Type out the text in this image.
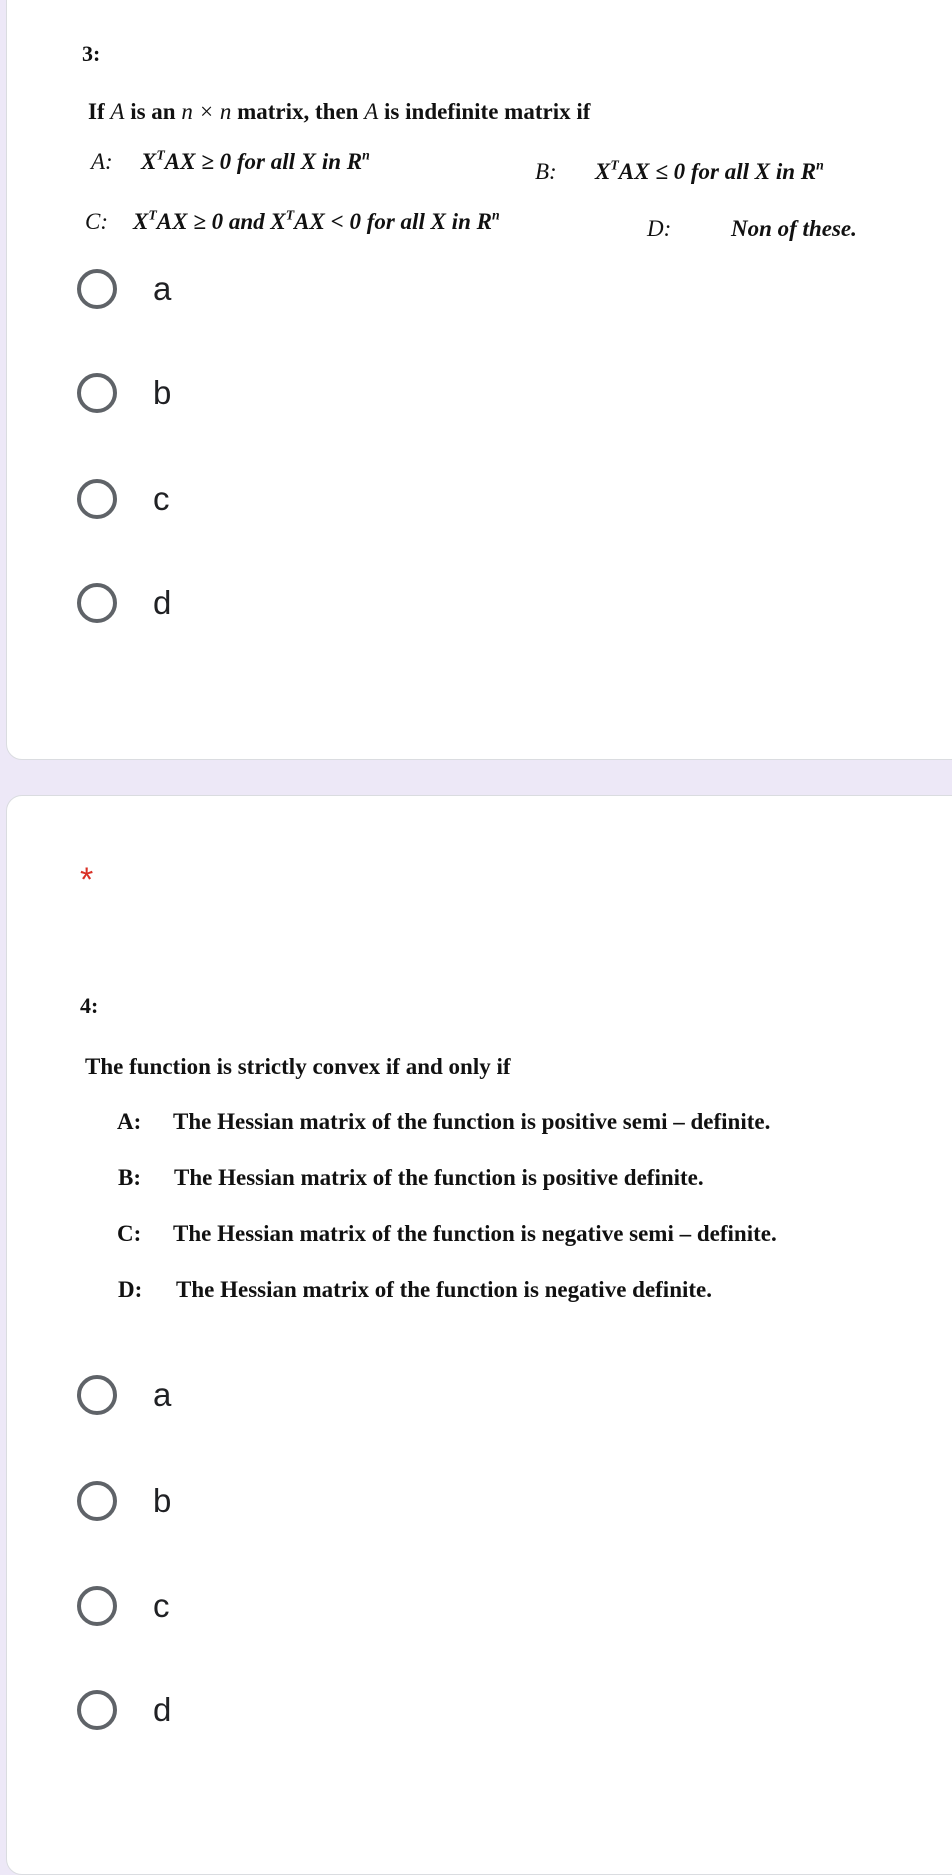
3:
If A is an n × n matrix, then A is indefinite matrix if
A: $X^TAX \ge 0$ for all X in $R^n$
B: $X^TAX \le 0$ for all X in $R^n$
C: $X^TAX \ge 0$ and $X^TAX < 0$ for all X in $R^n$
D:	Non of these.
a
b
c
d
*
4:
The function is strictly convex if and only if
A: The Hessian matrix of the function is positive semi – definite.
B: The Hessian matrix of the function is positive definite.
C: The Hessian matrix of the function is negative semi – definite.
D: The Hessian matrix of the function is negative definite.
a
b
c
d
